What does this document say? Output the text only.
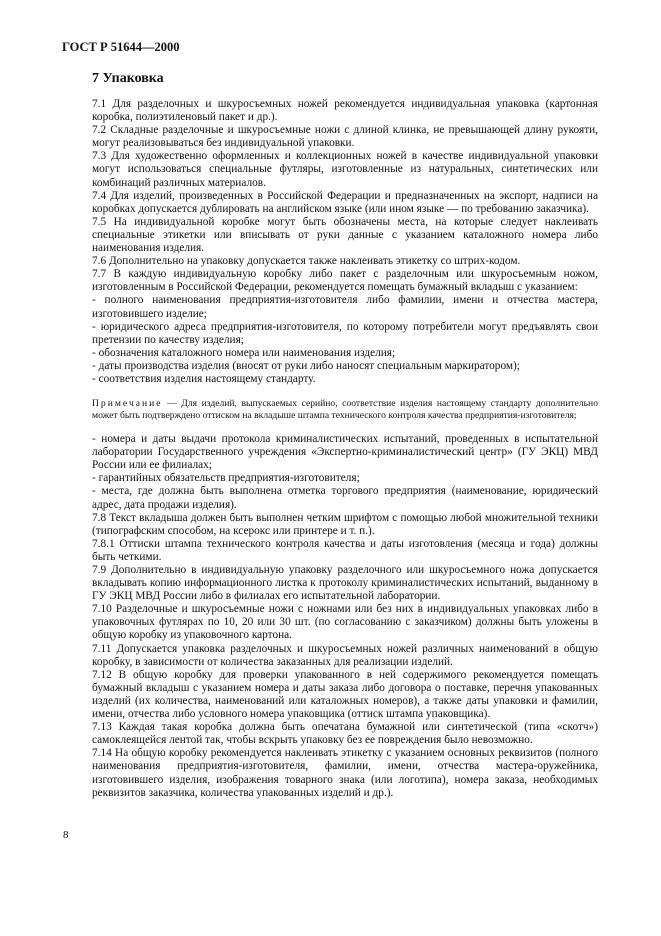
ГОСТ Р 51644—2000
7 Упаковка

7.1 Для разделочных и шкуросъемных ножей рекомендуется индивидуальная упаковка (картонная коробка, полиэтиленовый пакет и др.).

7.2 Складные разделочные и шкуросъемные ножи с длиной клинка, не превышающей длину рукояти, могут реализовываться без индивидуальной упаковки.

7.3 Для художественно оформленных и коллекционных ножей в качестве индивидуальной упаковки могут использоваться специальные футляры, изготовленные из натуральных, синтетических или комбинаций различных материалов.

7.4 Для изделий, произведенных в Российской Федерации и предназначенных на экспорт, надписи на коробках допускается дублировать на английском языке (или ином языке — по требованию заказчика).

7.5 На индивидуальной коробке могут быть обозначены места, на которые следует наклеивать специальные этикетки или вписывать от руки данные с указанием каталожного номера либо наименования изделия.

7.6 Дополнительно на упаковку допускается также наклеивать этикетку со штрих-кодом.

7.7 В каждую индивидуальную коробку либо пакет с разделочным или шкуросъемным ножом, изготовленным в Российской Федерации, рекомендуется помещать бумажный вкладыш с указанием:

- полного наименования предприятия-изготовителя либо фамилии, имени и отчества мастера, изготовившего изделие;

- юридического адреса предприятия-изготовителя, по которому потребители могут предъявлять свои претензии по качеству изделия;

- обозначения каталожного номера или наименования изделия;

- даты производства изделия (вносят от руки либо наносят специальным маркиратором);

- соответствия изделия настоящему стандарту.

Примечание — Для изделий, выпускаемых серийно, соответствие изделия настоящему стандарту дополнительно может быть подтверждено оттиском на вкладыше штампа технического контроля качества предприятия-изготовителя;

- номера и даты выдачи протокола криминалистических испытаний, проведенных в испытательной лаборатории Государственного учреждения «Экспертно-криминалистический центр» (ГУ ЭКЦ) МВД России или ее филиалах;

- гарантийных обязательств предприятия-изготовителя;

- места, где должна быть выполнена отметка торгового предприятия (наименование, юридический адрес, дата продажи изделия).

7.8 Текст вкладыша должен быть выполнен четким шрифтом с помощью любой множительной техники (типографским способом, на ксерокс или принтере и т. п.).

7.8.1 Оттиски штампа технического контроля качества и даты изготовления (месяца и года) должны быть четкими.

7.9 Дополнительно в индивидуальную упаковку разделочного или шкуросъемного ножа допускается вкладывать копию информационного листка к протоколу криминалистических испытаний, выданному в ГУ ЭКЦ МВД России либо в филиалах его испытательной лаборатории.

7.10 Разделочные и шкуросъемные ножи с ножнами или без них в индивидуальных упаковках либо в упаковочных футлярах по 10, 20 или 30 шт. (по согласованию с заказчиком) должны быть уложены в общую коробку из упаковочного картона.

7.11 Допускается упаковка разделочных и шкуросъемных ножей различных наименований в общую коробку, в зависимости от количества заказанных для реализации изделий.

7.12 В общую коробку для проверки упакованного в ней содержимого рекомендуется помещать бумажный вкладыш с указанием номера и даты заказа либо договора о поставке, перечня упакованных изделий (их количества, наименований или каталожных номеров), а также даты упаковки и фамилии, имени, отчества либо условного номера упаковщика (оттиск штампа упаковщика).

7.13 Каждая такая коробка должна быть опечатана бумажной или синтетической (типа «скотч») самоклеящейся лентой так, чтобы вскрыть упаковку без ее повреждения было невозможно.

7.14 На общую коробку рекомендуется наклеивать этикетку с указанием основных реквизитов (полного наименования предприятия-изготовителя, фамилии, имени, отчества мастера-оружейника, изготовившего изделия, изображения товарного знака (или логотипа), номера заказа, необходимых реквизитов заказчика, количества упакованных изделий и др.).

8
